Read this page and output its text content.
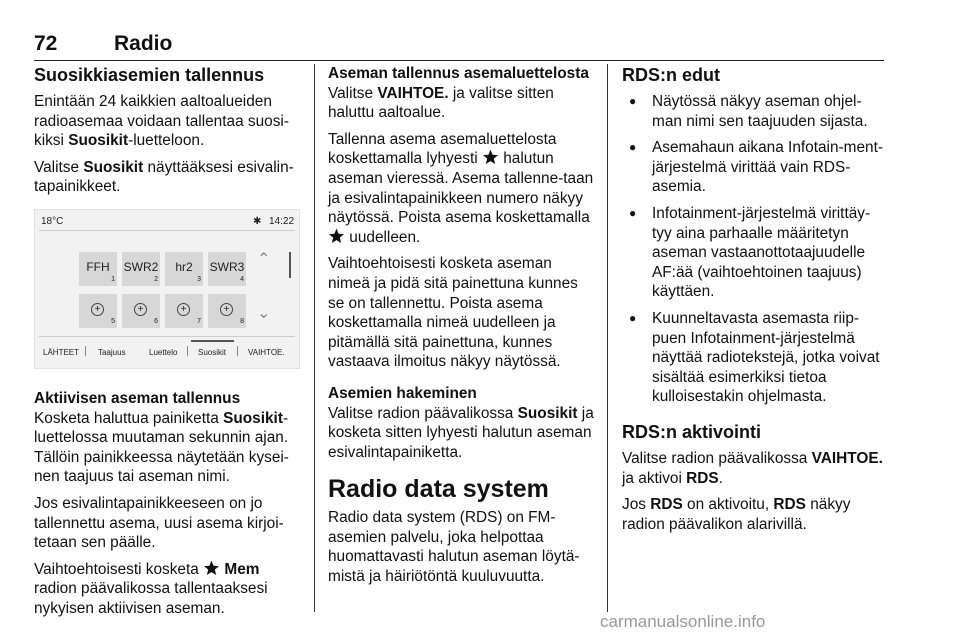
72	Radio
Suosikkiasemien tallennus

Enintään 24 kaikkien aaltoalueiden radioasemaa voidaan tallentaa suosi-kiksi Suosikit-luetteloon.

Valitse Suosikit näyttääksesi esivalin-tapainikkeet.

18°C	✱ 14:22
FFH
1
SWR2
2
hr2
3
SWR3
4
+
5
+
6
+
7
+
8
⌃
⌄
LÄHTEET Taajuus	Luettelo	Suosikit	VAIHTOE.
Aktiivisen aseman tallennus

Kosketa haluttua painiketta Suosikit-luettelossa muutaman sekunnin ajan. Tällöin painikkeessa näytetään kysei-nen taajuus tai aseman nimi.

Jos esivalintapainikkeeseen on jo tallennettu asema, uusi asema kirjoi-tetaan sen päälle.

Vaihtoehtoisesti kosketa  Mem radion päävalikossa tallentaaksesi nykyisen aktiivisen aseman.

Aseman tallennus asemaluettelosta

Valitse VAIHTOE. ja valitse sitten haluttu aaltoalue.

Tallenna asema asemaluettelosta koskettamalla lyhyesti  halutun aseman vieressä. Asema tallenne-taan ja esivalintapainikkeen numero näkyy näytössä. Poista asema koskettamalla  uudelleen.

Vaihtoehtoisesti kosketa aseman nimeä ja pidä sitä painettuna kunnes se on tallennettu. Poista asema koskettamalla nimeä uudelleen ja pitämällä sitä painettuna, kunnes vastaava ilmoitus näkyy näytössä.

Asemien hakeminen

Valitse radion päävalikossa Suosikit ja kosketa sitten lyhyesti halutun aseman esivalintapainiketta.

Radio data system

Radio data system (RDS) on FM-asemien palvelu, joka helpottaa huomattavasti halutun aseman löytä-mistä ja häiriötöntä kuuluvuutta.

RDS:n edut
● Näytössä näkyy aseman ohjel-man nimi sen taajuuden sijasta.
● Asemahaun aikana Infotain-ment-järjestelmä virittää vain RDS-asemia.
● Infotainment-järjestelmä virittäy-tyy aina parhaalle määritetyn aseman vastaanottotaajuudelle AF:ää (vaihtoehtoinen taajuus) käyttäen.
● Kuunneltavasta asemasta riip-puen Infotainment-järjestelmä näyttää radiotekstejä, jotka voivat sisältää esimerkiksi tietoa kulloisestakin ohjelmasta.
RDS:n aktivointi

Valitse radion päävalikossa VAIHTOE. ja aktivoi RDS.

Jos RDS on aktivoitu, RDS näkyy radion päävalikon alarivillä.

carmanualsonline.info
